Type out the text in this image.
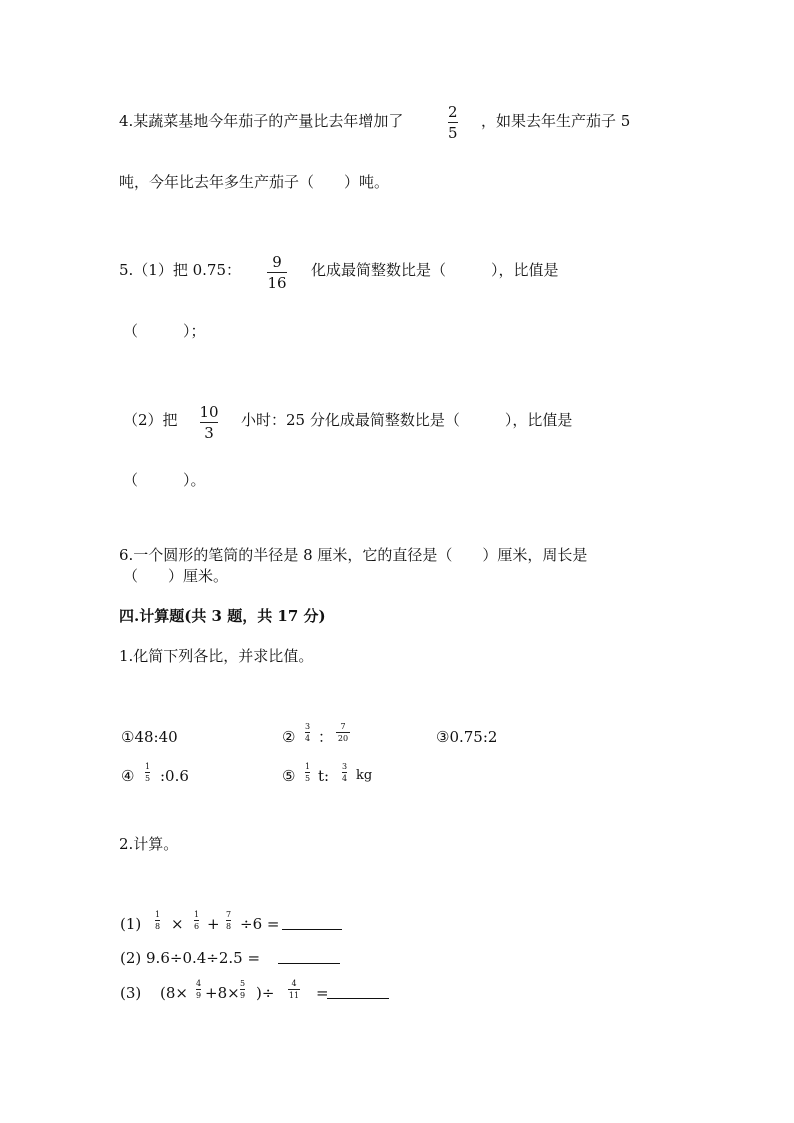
4.某蔬菜基地今年茄子的产量比去年增加了	2
5
，如果去年生产茄子 5
吨，今年比去年多生产茄子（　　）吨。
5.（1）把 0.75： 9
16
化成最简整数比是（　　　），比值是
（　　　）；
（2）把 10
3
小时：25 分化成最简整数比是（　　　），比值是
（　　　）。
6.一个圆形的笔筒的半径是 8 厘米，它的直径是（　　）厘米，周长是
（　　）厘米。
四.计算题(共 3 题，共 17 分)
1.化简下列各比，并求比值。
①48:40	②
3
4 ：
7
20	③0.75:2
④
1
5 :0.6	⑤
1
5 t:
3
4 kg
2.计算。
(1)
1
8 ×
1
6 +
7
8 ÷6 =
(2) 9.6÷0.4÷2.5 =
(3) (8×
4
9 +8×
5
9 )÷
4
11 =
